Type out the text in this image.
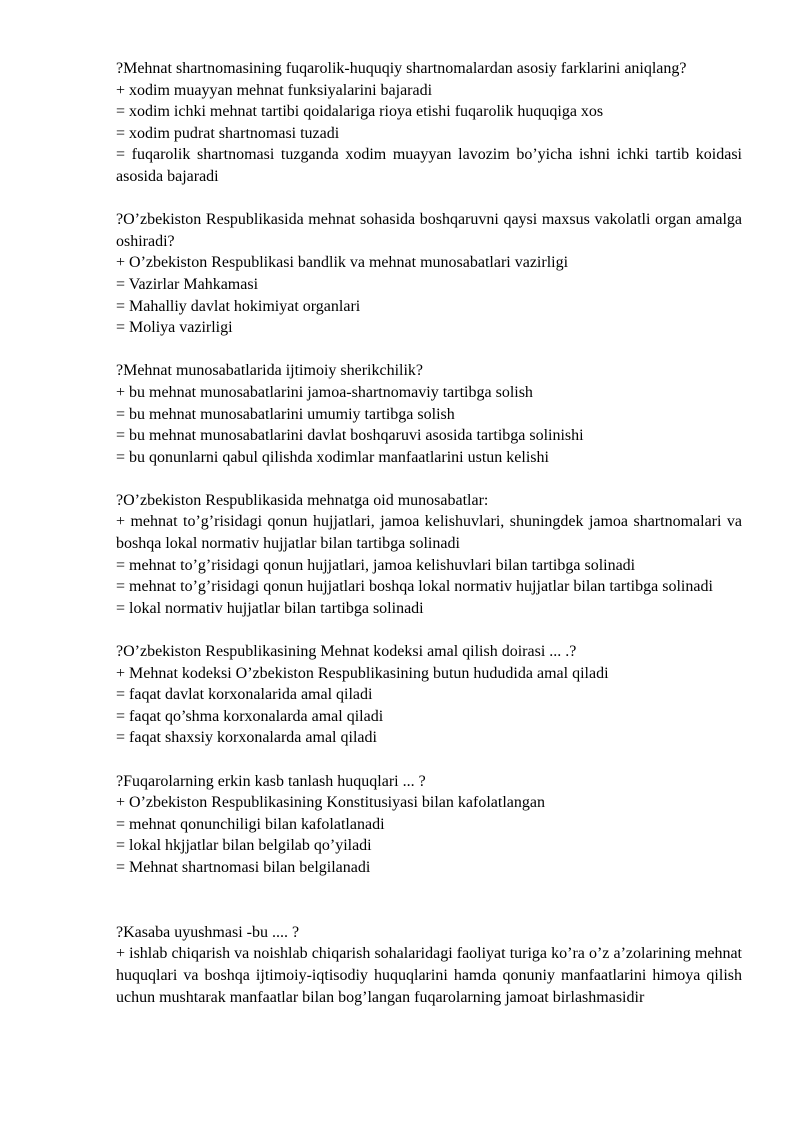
?Mehnat shartnomasining fuqarolik-huquqiy shartnomalardan asosiy farklarini aniqlang?
+ xodim muayyan mehnat funksiyalarini bajaradi
= xodim ichki mehnat tartibi qoidalariga rioya etishi fuqarolik huquqiga xos
= xodim pudrat shartnomasi tuzadi
= fuqarolik shartnomasi tuzganda xodim muayyan lavozim bo’yicha ishni ichki tartib koidasi asosida bajaradi
?O’zbekiston Respublikasida mehnat sohasida boshqaruvni qaysi maxsus vakolatli organ amalga oshiradi?
+ O’zbekiston Respublikasi bandlik va mehnat munosabatlari vazirligi
= Vazirlar Mahkamasi
= Mahalliy davlat hokimiyat organlari
= Moliya vazirligi
?Mehnat munosabatlarida ijtimoiy sherikchilik?
+ bu mehnat munosabatlarini jamoa-shartnomaviy tartibga solish
= bu mehnat munosabatlarini umumiy tartibga solish
= bu mehnat munosabatlarini davlat boshqaruvi asosida tartibga solinishi
= bu qonunlarni qabul qilishda xodimlar manfaatlarini ustun kelishi
?O’zbekiston Respublikasida mehnatga oid munosabatlar:
+ mehnat to’g’risidagi qonun hujjatlari, jamoa kelishuvlari, shuningdek jamoa shartnomalari va boshqa lokal normativ hujjatlar bilan tartibga solinadi
= mehnat to’g’risidagi qonun hujjatlari, jamoa kelishuvlari bilan tartibga solinadi
= mehnat to’g’risidagi qonun hujjatlari boshqa lokal normativ hujjatlar bilan tartibga solinadi
= lokal normativ hujjatlar bilan tartibga solinadi
?O’zbekiston Respublikasining Mehnat kodeksi amal qilish doirasi ... .?
+ Mehnat kodeksi O’zbekiston Respublikasining butun hududida amal qiladi
= faqat davlat korxonalarida amal qiladi
= faqat qo’shma korxonalarda amal qiladi
= faqat shaxsiy korxonalarda amal qiladi
?Fuqarolarning erkin kasb tanlash huquqlari ... ?
+ O’zbekiston Respublikasining Konstitusiyasi bilan kafolatlangan
= mehnat qonunchiligi bilan kafolatlanadi
= lokal hkjjatlar bilan belgilab qo’yiladi
= Mehnat shartnomasi bilan belgilanadi
?Kasaba uyushmasi -bu .... ?
+ ishlab chiqarish va noishlab chiqarish sohalaridagi faoliyat turiga ko’ra o’z a’zolarining mehnat huquqlari va boshqa ijtimoiy-iqtisodiy huquqlarini hamda qonuniy manfaatlarini himoya qilish uchun mushtarak manfaatlar bilan bog’langan fuqarolarning jamoat birlashmasidir
